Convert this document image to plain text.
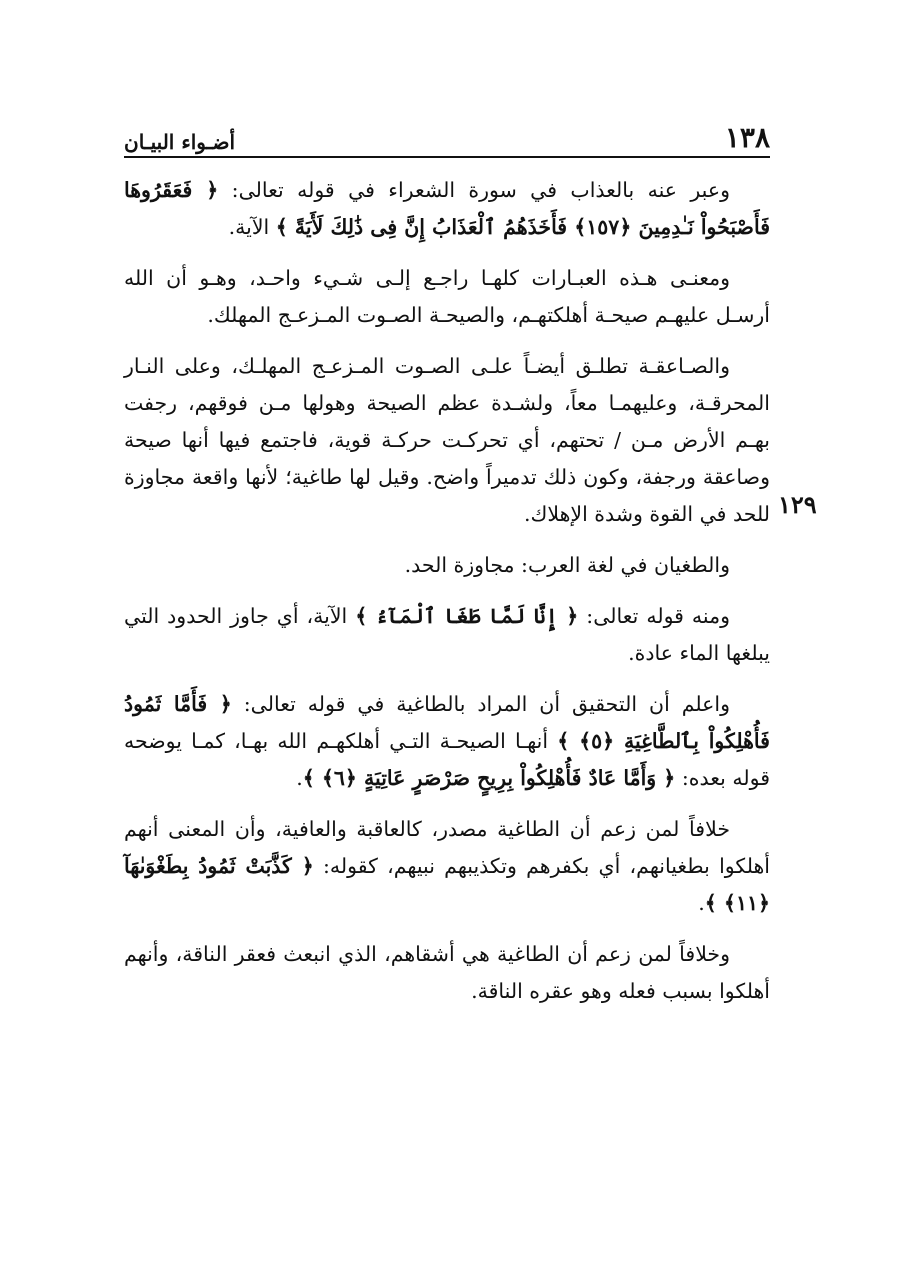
١٣٨
أضـواء البيـان
١٢٩

وعبر عنه بالعذاب في سورة الشعراء في قوله تعالى: ﴿ فَعَقَرُوهَا فَأَصْبَحُواْ نَـٰدِمِينَ ﴿١٥٧﴾ فَأَخَذَهُمُ ٱلْعَذَابُ إِنَّ فِى ذَٰلِكَ لَأَيَةً ﴾ الآية.

ومعنـى هـذه العبـارات كلهـا راجـع إلـى شـيء واحـد، وهـو أن الله أرسـل عليهـم صيحـة أهلكتهـم، والصيحـة الصـوت المـزعـج المهلك.

والصـاعقـة تطلـق أيضـاً علـى الصـوت المـزعـج المهلـك، وعلى النـار المحرقـة، وعليهمـا معاً، ولشـدة عظم الصيحة وهولها مـن فوقهم، رجفت بهـم الأرض مـن / تحتهم، أي تحركـت حركـة قوية، فاجتمع فيها أنها صيحة وصاعقة ورجفة، وكون ذلك تدميراً واضح. وقيل لها طاغية؛ لأنها واقعة مجاوزة للحد في القوة وشدة الإهلاك.

والطغيان في لغة العرب: مجاوزة الحد.

ومنه قوله تعالى: ﴿ إِنَّا لَمَّا طَغَا ٱلْمَآءُ ﴾ الآية، أي جاوز الحدود التي يبلغها الماء عادة.

واعلم أن التحقيق أن المراد بالطاغية في قوله تعالى: ﴿ فَأَمَّا ثَمُودُ فَأُهْلِكُواْ بِٱلطَّاغِيَةِ ﴿٥﴾ ﴾ أنهـا الصيحـة التـي أهلكهـم الله بهـا، كمـا يوضحه قوله بعده: ﴿ وَأَمَّا عَادٌ فَأُهْلِكُواْ بِرِيحٍ صَرْصَرٍ عَاتِيَةٍ ﴿٦﴾ ﴾.

خلافاً لمن زعم أن الطاغية مصدر، كالعاقبة والعافية، وأن المعنى أنهم أهلكوا بطغيانهم، أي بكفرهم وتكذيبهم نبيهم، كقوله: ﴿ كَذَّبَتْ ثَمُودُ بِطَغْوَىٰهَآ ﴿١١﴾ ﴾.

وخلافاً لمن زعم أن الطاغية هي أشقاهم، الذي انبعث فعقر الناقة، وأنهم أهلكوا بسبب فعله وهو عقره الناقة.
